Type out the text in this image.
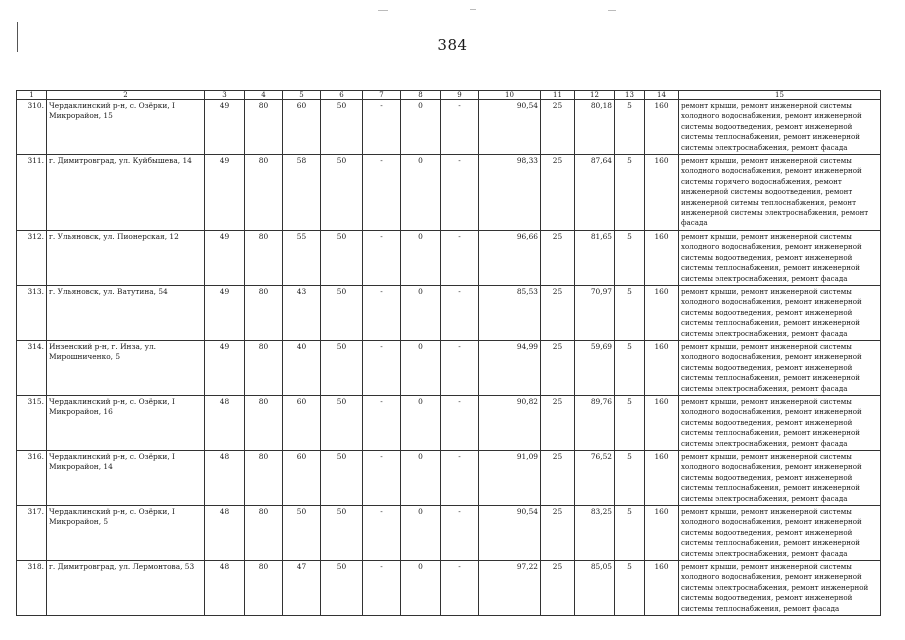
384
1	2	3	4	5	6	7	8	9	10	11	12	13	14	15
310.	Чердаклинский р-н, с. Озёрки, I Микрорайон, 15	49	80	60	50	-	0	-	90,54	25	80,18	5	160	ремонт крыши, ремонт инженерной системы холодного водоснабжения, ремонт инженерной системы водоотведения, ремонт инженерной системы теплоснабжения, ремонт инженерной системы электроснабжения, ремонт фасада
311.	г. Димитровград, ул. Куйбышева, 14	49	80	58	50	-	0	-	98,33	25	87,64	5	160	ремонт крыши, ремонт инженерной системы холодного водоснабжения, ремонт инженерной системы горячего водоснабжения, ремонт инженерной системы водоотведения, ремонт инженерной ситемы теплоснабжения, ремонт инженерной системы электроснабжения, ремонт фасада
312.	г. Ульяновск, ул. Пионерская, 12	49	80	55	50	-	0	-	96,66	25	81,65	5	160	ремонт крыши, ремонт инженерной системы холодного водоснабжения, ремонт инженерной системы водоотведения, ремонт инженерной системы теплоснабжения, ремонт инженерной системы электроснабжения, ремонт фасада
313.	г. Ульяновск, ул. Ватутина, 54	49	80	43	50	-	0	-	85,53	25	70,97	5	160	ремонт крыши, ремонт инженерной системы холодного водоснабжения, ремонт инженерной системы водоотведения, ремонт инженерной системы теплоснабжения, ремонт инженерной системы электроснабжения, ремонт фасада
314.	Инзенский р-н, г. Инза, ул. Мирошниченко, 5	49	80	40	50	-	0	-	94,99	25	59,69	5	160	ремонт крыши, ремонт инженерной системы холодного водоснабжения, ремонт инженерной системы водоотведения, ремонт инженерной системы теплоснабжения, ремонт инженерной системы электроснабжения, ремонт фасада
315.	Чердаклинский р-н, с. Озёрки, I Микрорайон, 16	48	80	60	50	-	0	-	90,82	25	89,76	5	160	ремонт крыши, ремонт инженерной системы холодного водоснабжения, ремонт инженерной системы водоотведения, ремонт инженерной системы теплоснабжения, ремонт инженерной системы электроснабжения, ремонт фасада
316.	Чердаклинский р-н, с. Озёрки, I Микрорайон, 14	48	80	60	50	-	0	-	91,09	25	76,52	5	160	ремонт крыши, ремонт инженерной системы холодного водоснабжения, ремонт инженерной системы водоотведения, ремонт инженерной системы теплоснабжения, ремонт инженерной системы электроснабжения, ремонт фасада
317.	Чердаклинский р-н, с. Озёрки, I Микрорайон, 5	48	80	50	50	-	0	-	90,54	25	83,25	5	160	ремонт крыши, ремонт инженерной системы холодного водоснабжения, ремонт инженерной системы водоотведения, ремонт инженерной системы теплоснабжения, ремонт инженерной системы электроснабжения, ремонт фасада
318.	г. Димитровград, ул. Лермонтова, 53	48	80	47	50	-	0	-	97,22	25	85,05	5	160	ремонт крыши, ремонт инженерной системы холодного водоснабжения, ремонт инженерной системы электроснабжения, ремонт инженерной системы водоотведения, ремонт инженерной системы теплоснабжения, ремонт фасада
